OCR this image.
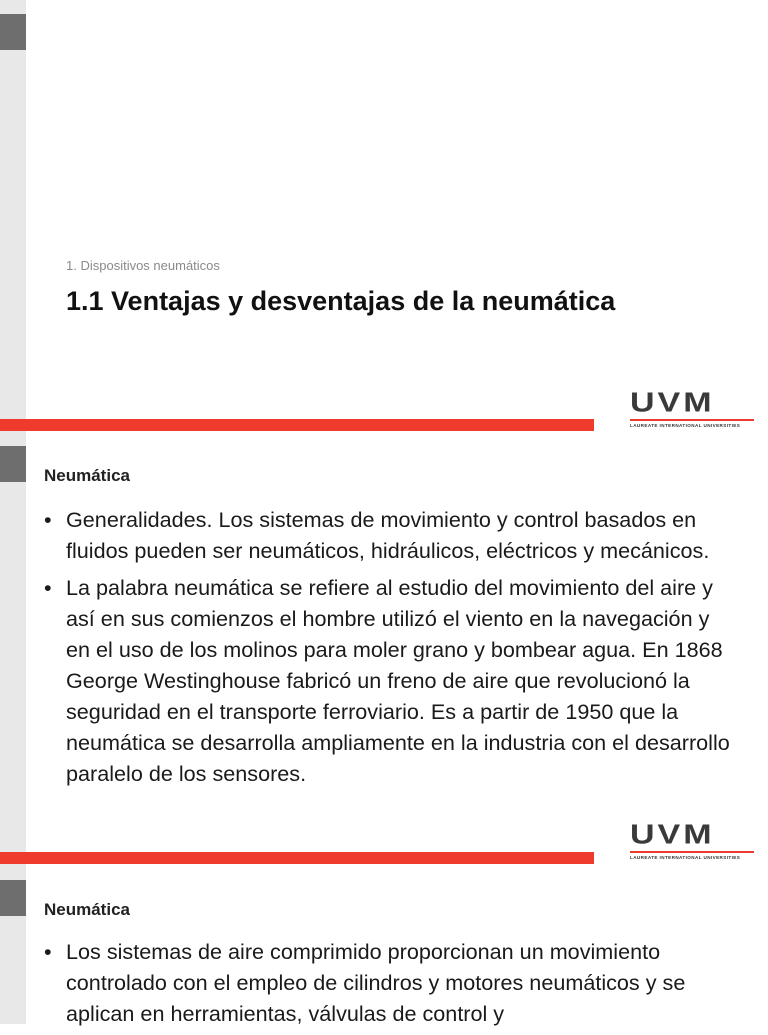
1. Dispositivos neumáticos
1.1 Ventajas y desventajas de la neumática
UVM
LAUREATE INTERNATIONAL UNIVERSITIES
Neumática
• Generalidades. Los sistemas de movimiento y control basados en fluidos pueden ser neumáticos, hidráulicos, eléctricos y mecánicos.
• La palabra neumática se refiere al estudio del movimiento del aire y así en sus comienzos el hombre utilizó el viento en la navegación y en el uso de los molinos para moler grano y bombear agua. En 1868 George Westinghouse fabricó un freno de aire que revolucionó la seguridad en el transporte ferroviario. Es a partir de 1950 que la neumática se desarrolla ampliamente en la industria con el desarrollo paralelo de los sensores.
UVM
LAUREATE INTERNATIONAL UNIVERSITIES
Neumática
• Los sistemas de aire comprimido proporcionan un movimiento controlado con el empleo de cilindros y motores neumáticos y se aplican en herramientas, válvulas de control y
